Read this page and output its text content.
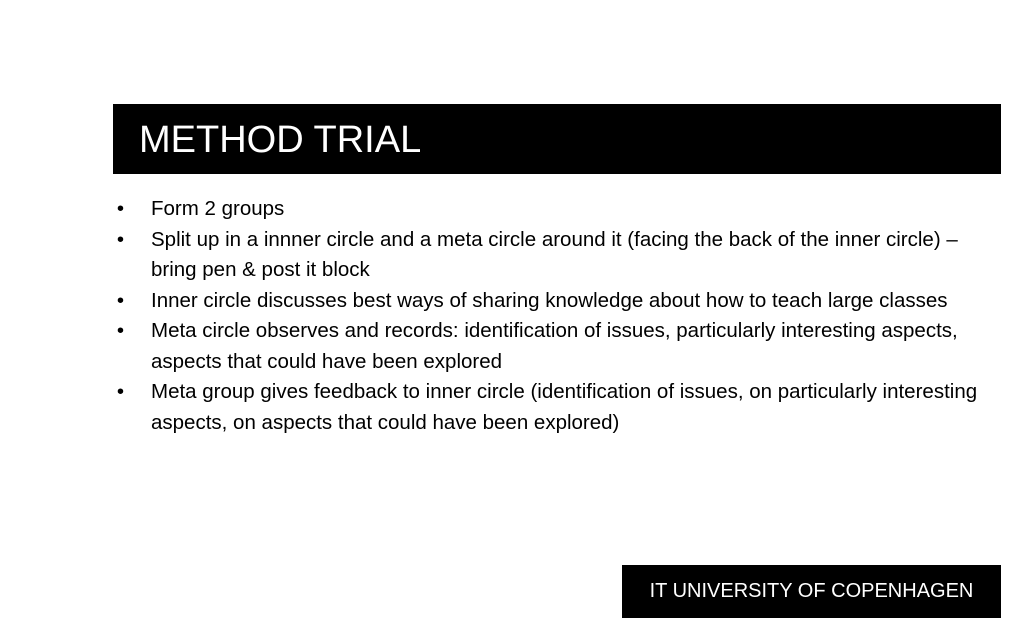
METHOD TRIAL
• Form 2 groups
• Split up in a innner circle and a meta circle around it (facing the back of the inner circle) – bring pen & post it block
• Inner circle discusses best ways of sharing knowledge about how to teach large classes
• Meta circle observes and records: identification of issues, particularly interesting aspects, aspects that could have been explored
• Meta group gives feedback to inner circle (identification of issues, on particularly interesting aspects, on aspects that could have been explored)
IT UNIVERSITY OF COPENHAGEN
